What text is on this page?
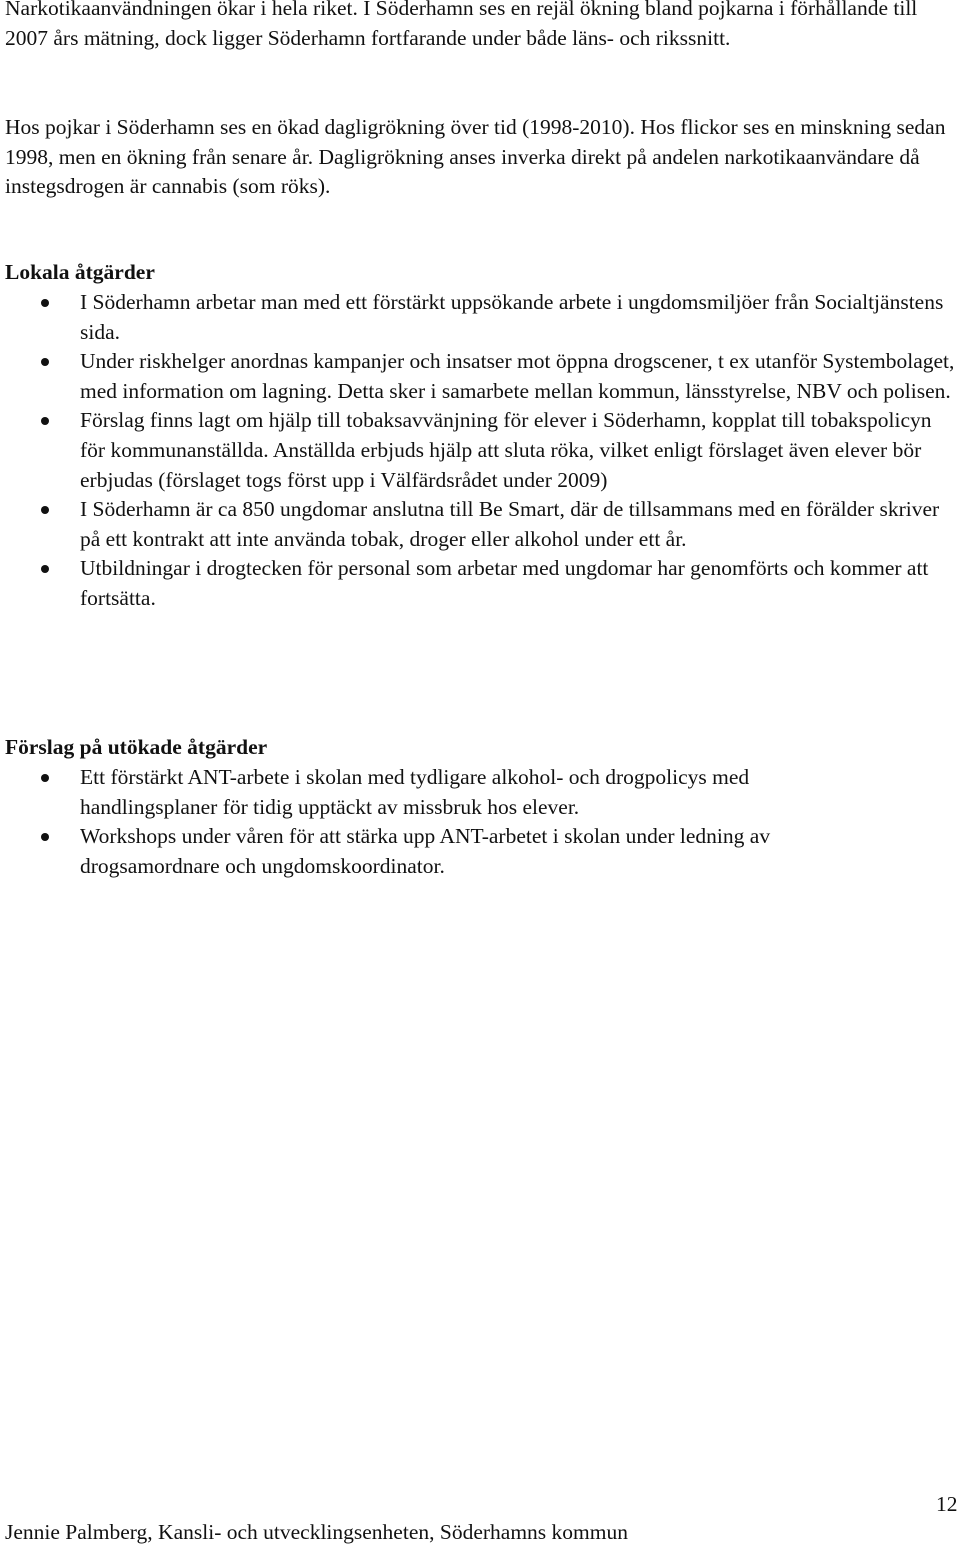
Narkotikaanvändningen ökar i hela riket. I Söderhamn ses en rejäl ökning bland pojkarna i förhållande till 2007 års mätning, dock ligger Söderhamn fortfarande under både läns- och rikssnitt.

Hos pojkar i Söderhamn ses en ökad dagligrökning över tid (1998-2010). Hos flickor ses en minskning sedan 1998, men en ökning från senare år. Dagligrökning anses inverka direkt på andelen narkotikaanvändare då instegsdrogen är cannabis (som röks).

Lokala åtgärder
I Söderhamn arbetar man med ett förstärkt uppsökande arbete i ungdomsmiljöer från Socialtjänstens sida.
Under riskhelger anordnas kampanjer och insatser mot öppna drogscener, t ex utanför Systembolaget, med information om lagning. Detta sker i samarbete mellan kommun, länsstyrelse, NBV och polisen.
Förslag finns lagt om hjälp till tobaksavvänjning för elever i Söderhamn, kopplat till tobakspolicyn för kommunanställda. Anställda erbjuds hjälp att sluta röka, vilket enligt förslaget även elever bör erbjudas (förslaget togs först upp i Välfärdsrådet under 2009)
I Söderhamn är ca 850 ungdomar anslutna till Be Smart, där de tillsammans med en förälder skriver på ett kontrakt att inte använda tobak, droger eller alkohol under ett år.
Utbildningar i drogtecken för personal som arbetar med ungdomar har genomförts och kommer att fortsätta.
Förslag på utökade åtgärder
Ett förstärkt ANT-arbete i skolan med tydligare alkohol- och drogpolicys med handlingsplaner för tidig upptäckt av missbruk hos elever.
Workshops under våren för att stärka upp ANT-arbetet i skolan under ledning av drogsamordnare och ungdomskoordinator.

12

Jennie Palmberg, Kansli- och utvecklingsenheten, Söderhamns kommun
